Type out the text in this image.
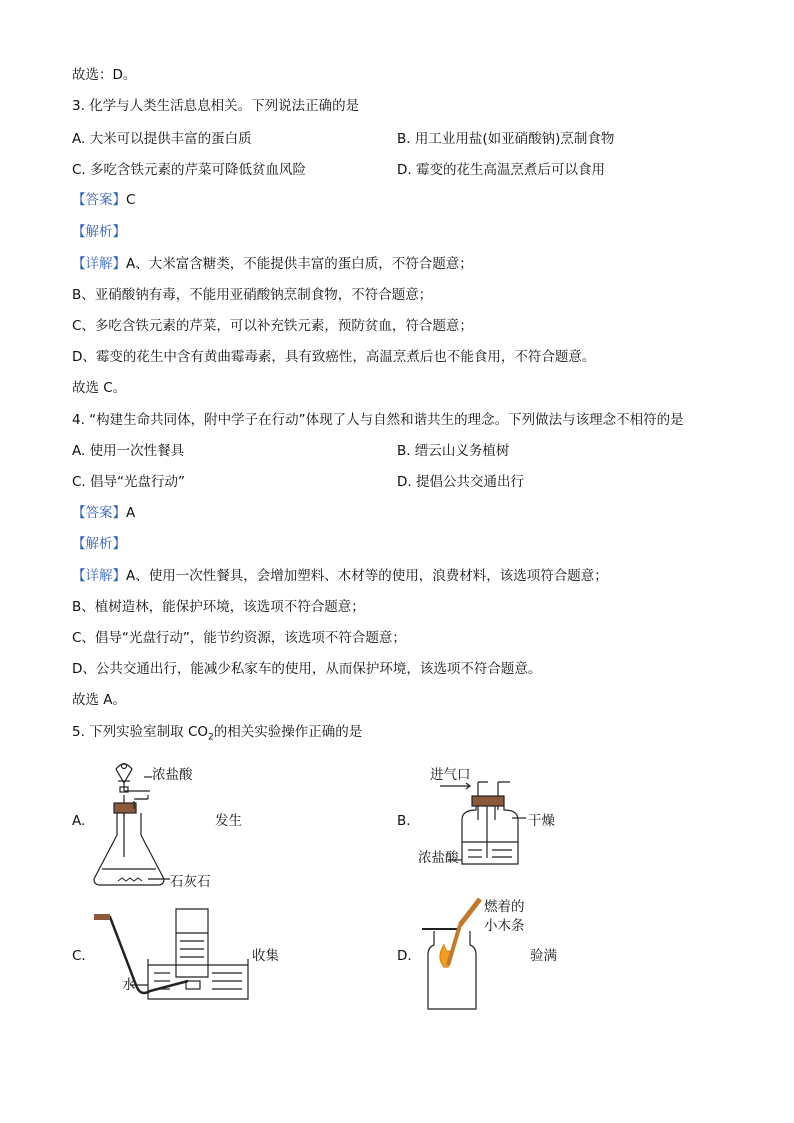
故选：D。
3. 化学与人类生活息息相关。下列说法正确的是
A. 大米可以提供丰富的蛋白质	B. 用工业用盐(如亚硝酸钠)烹制食物
C. 多吃含铁元素的芹菜可降低贫血风险	D. 霉变的花生高温烹煮后可以食用
【答案】C
【解析】
【详解】A、大米富含糖类，不能提供丰富的蛋白质，不符合题意；
B、亚硝酸钠有毒，不能用亚硝酸钠烹制食物，不符合题意；
C、多吃含铁元素的芹菜，可以补充铁元素，预防贫血，符合题意；
D、霉变的花生中含有黄曲霉毒素，具有致癌性，高温烹煮后也不能食用，不符合题意。
故选 C。
4. “构建生命共同体，附中学子在行动”体现了人与自然和谐共生的理念。下列做法与该理念不相符的是
A. 使用一次性餐具	B. 缙云山义务植树
C. 倡导“光盘行动”	D. 提倡公共交通出行
【答案】A
【解析】
【详解】A、使用一次性餐具，会增加塑料、木材等的使用，浪费材料，该选项符合题意；
B、植树造林，能保护环境，该选项不符合题意；
C、倡导“光盘行动”，能节约资源，该选项不符合题意；
D、公共交通出行，能减少私家车的使用，从而保护环境，该选项不符合题意。
故选 A。
5. 下列实验室制取 $CO_2$的相关实验操作正确的是
A.	发生
浓盐酸
石灰石
B.	干燥
进气口
浓盐酸
C.	收集
水
D.	验满
燃着的
小木条
